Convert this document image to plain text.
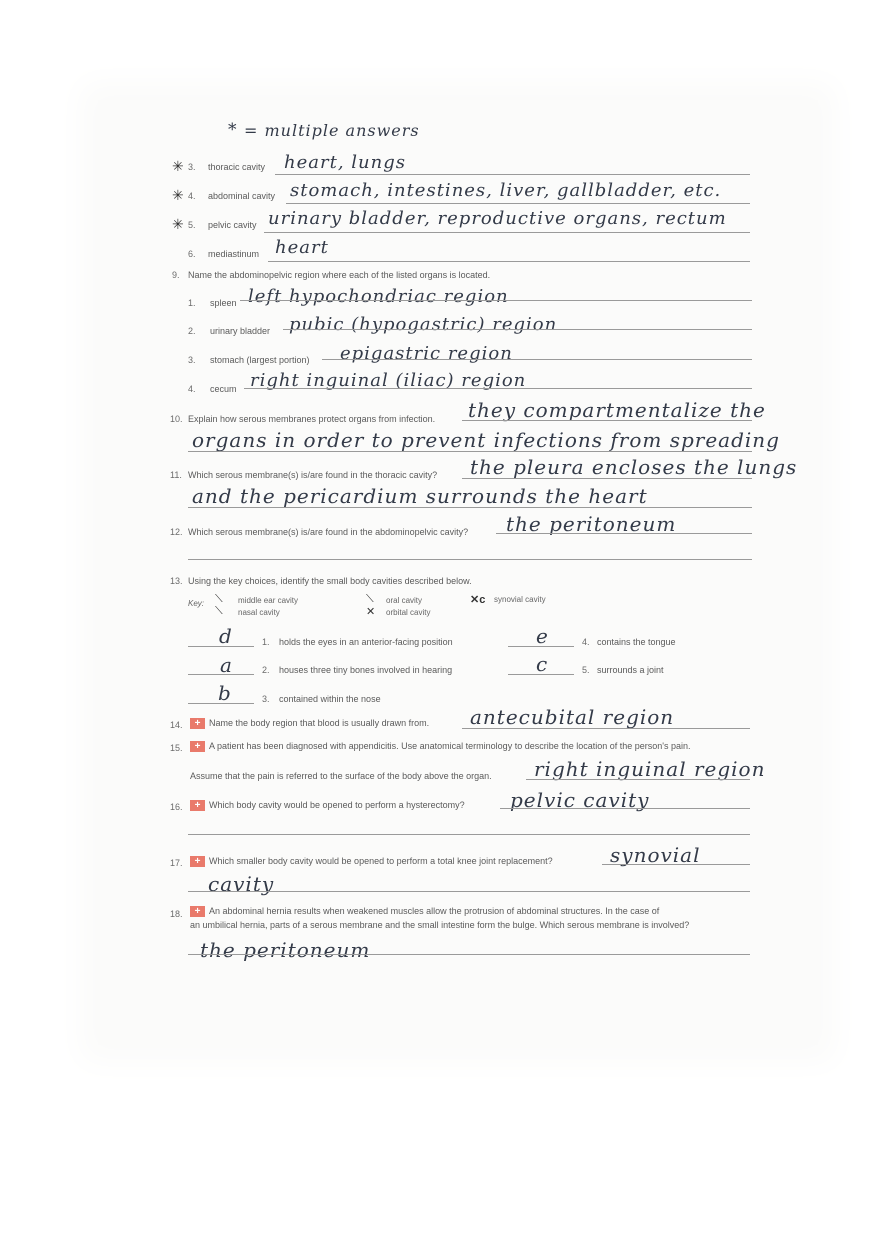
* = multiple answers
✳ 3. thoracic cavity heart, lungs
✳ 4. abdominal cavity stomach, intestines, liver, gallbladder, etc.
✳ 5. pelvic cavity urinary bladder, reproductive organs, rectum
6. mediastinum heart
9. Name the abdominopelvic region where each of the listed organs is located.
1. spleen left hypochondriac region
2. urinary bladder pubic (hypogastric) region
3. stomach (largest portion) epigastric region
4. cecum right inguinal (iliac) region
10. Explain how serous membranes protect organs from infection. they compartmentalize the
organs in order to prevent infections from spreading
11. Which serous membrane(s) is/are found in the thoracic cavity? the pleura encloses the lungs
and the pericardium surrounds the heart
12. Which serous membrane(s) is/are found in the abdominopelvic cavity? the peritoneum
13. Using the key choices, identify the small body cavities described below.
Key: ⟍ middle ear cavity
⟍ nasal cavity
⟍ oral cavity
✕ orbital cavity
✕c synovial cavity
d	1. holds the eyes in an anterior-facing position
a	2. houses three tiny bones involved in hearing
b	3. contained within the nose
e	4. contains the tongue
c	5. surrounds a joint
14.	+ Name the body region that blood is usually drawn from. antecubital region
15.	+ A patient has been diagnosed with appendicitis. Use anatomical terminology to describe the location of the person's pain.
Assume that the pain is referred to the surface of the body above the organ. right inguinal region
16.	+ Which body cavity would be opened to perform a hysterectomy? pelvic cavity
17.	+ Which smaller body cavity would be opened to perform a total knee joint replacement?	synovial
cavity
18.	+ An abdominal hernia results when weakened muscles allow the protrusion of abdominal structures. In the case of
an umbilical hernia, parts of a serous membrane and the small intestine form the bulge. Which serous membrane is involved?
the peritoneum
